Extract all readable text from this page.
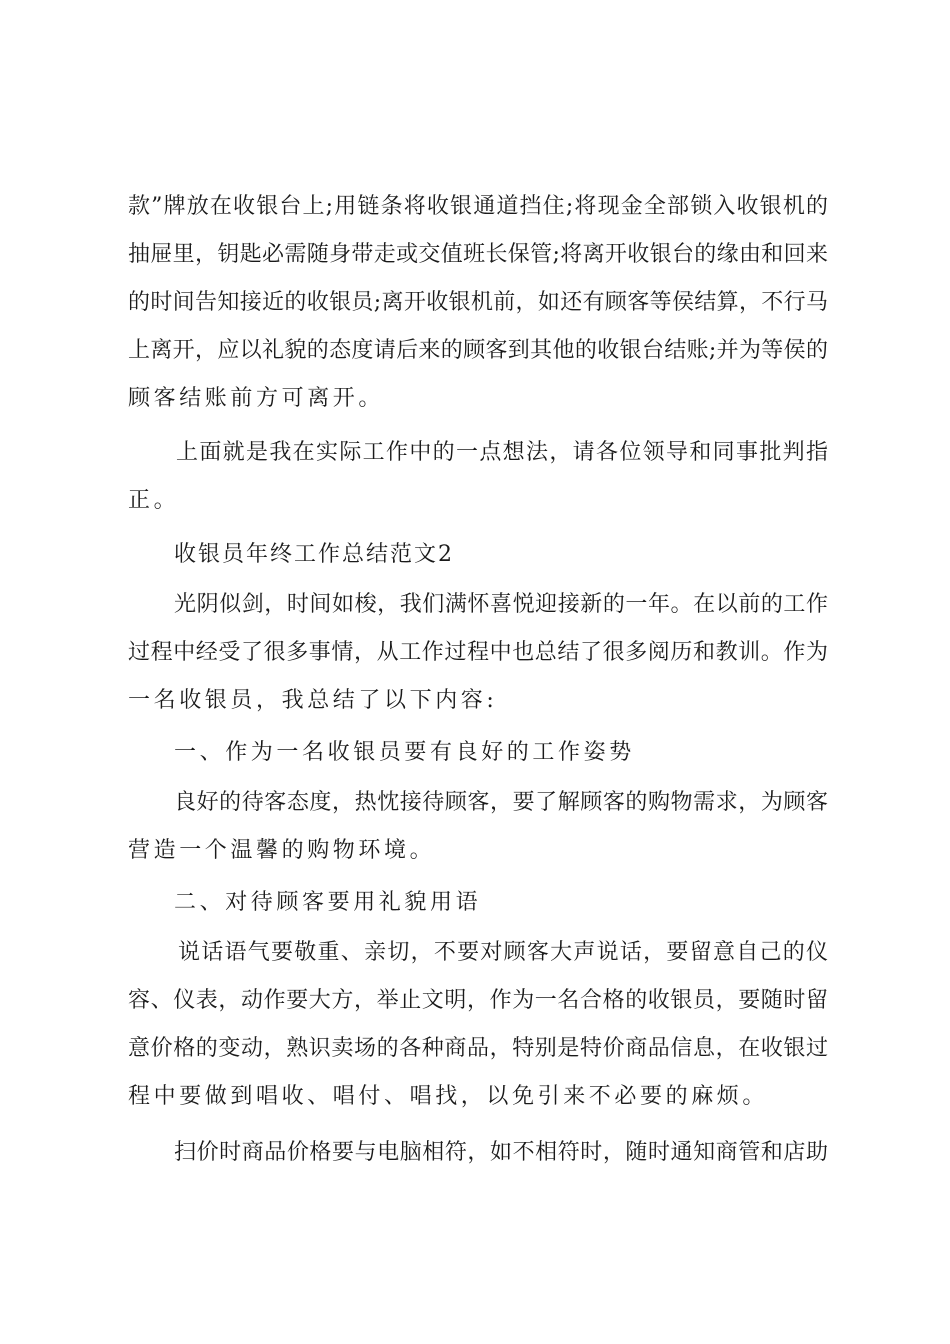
款”牌放在收银台上;用链条将收银通道挡住;将现金全部锁入收银机的
抽屉里，钥匙必需随身带走或交值班长保管;将离开收银台的缘由和回来
的时间告知接近的收银员;离开收银机前，如还有顾客等侯结算，不行马
上离开，应以礼貌的态度请后来的顾客到其他的收银台结账;并为等侯的
顾客结账前方可离开。
上面就是我在实际工作中的一点想法，请各位领导和同事批判指
正。
收银员年终工作总结范文2
光阴似剑，时间如梭，我们满怀喜悦迎接新的一年。在以前的工作
过程中经受了很多事情，从工作过程中也总结了很多阅历和教训。作为
一名收银员，我总结了以下内容:
一、作为一名收银员要有良好的工作姿势
良好的待客态度，热忱接待顾客，要了解顾客的购物需求，为顾客
营造一个温馨的购物环境。
二、对待顾客要用礼貌用语
说话语气要敬重、亲切，不要对顾客大声说话，要留意自己的仪
容、仪表，动作要大方，举止文明，作为一名合格的收银员，要随时留
意价格的变动，熟识卖场的各种商品，特别是特价商品信息，在收银过
程中要做到唱收、唱付、唱找，以免引来不必要的麻烦。
扫价时商品价格要与电脑相符，如不相符时，随时通知商管和店助
